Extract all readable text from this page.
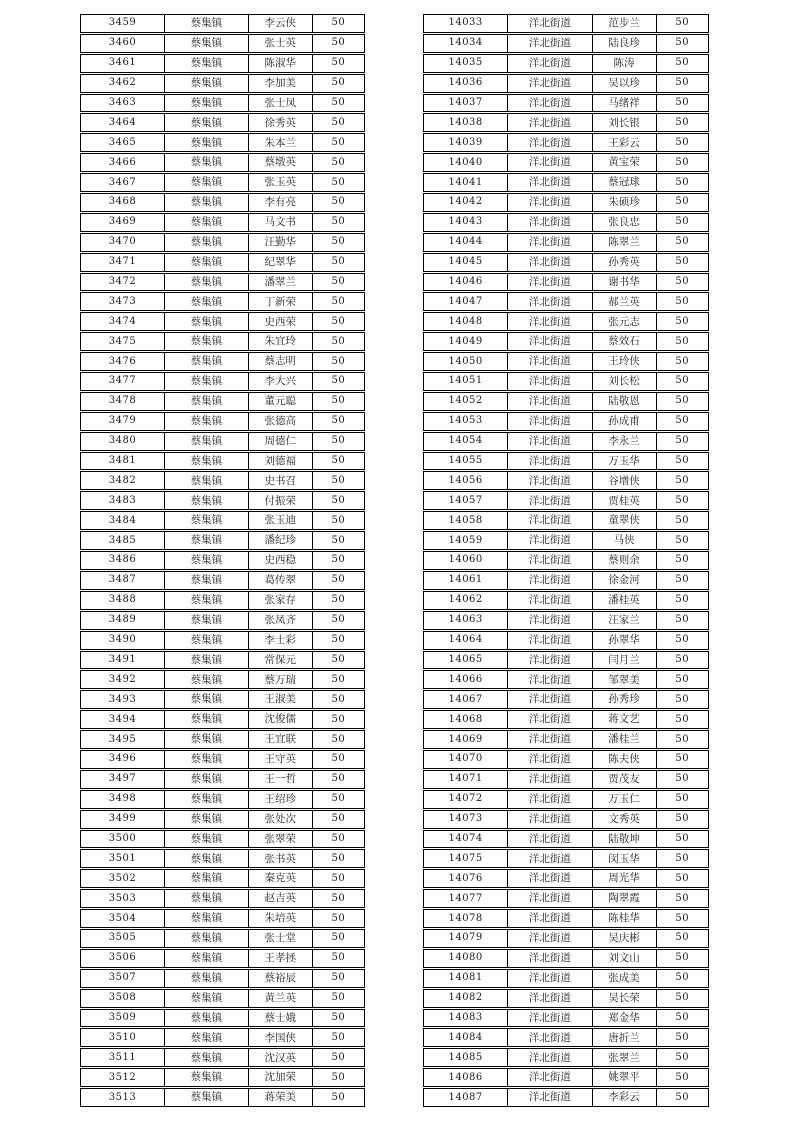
3459	蔡集镇	李云侠	50
3460	蔡集镇	张士英	50
3461	蔡集镇	陈淑华	50
3462	蔡集镇	李加美	50
3463	蔡集镇	张士凤	50
3464	蔡集镇	徐秀英	50
3465	蔡集镇	朱本兰	50
3466	蔡集镇	蔡墩英	50
3467	蔡集镇	张玉英	50
3468	蔡集镇	李有亮	50
3469	蔡集镇	马文书	50
3470	蔡集镇	汪勤华	50
3471	蔡集镇	纪翠华	50
3472	蔡集镇	潘翠兰	50
3473	蔡集镇	丁新荣	50
3474	蔡集镇	史西荣	50
3475	蔡集镇	朱宜玲	50
3476	蔡集镇	蔡志明	50
3477	蔡集镇	李大兴	50
3478	蔡集镇	董元聪	50
3479	蔡集镇	张德高	50
3480	蔡集镇	周德仁	50
3481	蔡集镇	刘德福	50
3482	蔡集镇	史书召	50
3483	蔡集镇	付振荣	50
3484	蔡集镇	张玉迪	50
3485	蔡集镇	潘纪珍	50
3486	蔡集镇	史西稳	50
3487	蔡集镇	葛传翠	50
3488	蔡集镇	张家存	50
3489	蔡集镇	张凤齐	50
3490	蔡集镇	李士彩	50
3491	蔡集镇	常保元	50
3492	蔡集镇	蔡万瑞	50
3493	蔡集镇	王淑美	50
3494	蔡集镇	沈俊儒	50
3495	蔡集镇	王宜联	50
3496	蔡集镇	王守英	50
3497	蔡集镇	王一哲	50
3498	蔡集镇	王绍珍	50
3499	蔡集镇	张处次	50
3500	蔡集镇	张翠荣	50
3501	蔡集镇	张书英	50
3502	蔡集镇	秦克英	50
3503	蔡集镇	赵吉英	50
3504	蔡集镇	朱培英	50
3505	蔡集镇	张士堂	50
3506	蔡集镇	王孝拯	50
3507	蔡集镇	蔡裕辰	50
3508	蔡集镇	黄兰英	50
3509	蔡集镇	蔡士娥	50
3510	蔡集镇	李国侠	50
3511	蔡集镇	沈汉英	50
3512	蔡集镇	沈加荣	50
3513	蔡集镇	蒋荣美	50
14033	洋北街道	范步兰	50
14034	洋北街道	陆良珍	50
14035	洋北街道	陈涛	50
14036	洋北街道	吴以珍	50
14037	洋北街道	马绪祥	50
14038	洋北街道	刘长银	50
14039	洋北街道	王彩云	50
14040	洋北街道	黄宝荣	50
14041	洋北街道	蔡冠球	50
14042	洋北街道	朱硕珍	50
14043	洋北街道	张良忠	50
14044	洋北街道	陈翠兰	50
14045	洋北街道	孙秀英	50
14046	洋北街道	谢书华	50
14047	洋北街道	郝兰英	50
14048	洋北街道	张元志	50
14049	洋北街道	蔡效石	50
14050	洋北街道	王玲侠	50
14051	洋北街道	刘长松	50
14052	洋北街道	陆敬恩	50
14053	洋北街道	孙成甫	50
14054	洋北街道	李永兰	50
14055	洋北街道	万玉华	50
14056	洋北街道	谷增侠	50
14057	洋北街道	贾桂英	50
14058	洋北街道	童翠侠	50
14059	洋北街道	马侠	50
14060	洋北街道	蔡则余	50
14061	洋北街道	徐金河	50
14062	洋北街道	潘桂英	50
14063	洋北街道	汪家兰	50
14064	洋北街道	孙翠华	50
14065	洋北街道	闫月兰	50
14066	洋北街道	邹翠美	50
14067	洋北街道	孙秀珍	50
14068	洋北街道	蒋文艺	50
14069	洋北街道	潘桂兰	50
14070	洋北街道	陈夫侠	50
14071	洋北街道	贾茂友	50
14072	洋北街道	万玉仁	50
14073	洋北街道	文秀英	50
14074	洋北街道	陆敬坤	50
14075	洋北街道	闵玉华	50
14076	洋北街道	周光华	50
14077	洋北街道	陶翠霞	50
14078	洋北街道	陈桂华	50
14079	洋北街道	吴庆彬	50
14080	洋北街道	刘文山	50
14081	洋北街道	张成美	50
14082	洋北街道	吴长荣	50
14083	洋北街道	郑金华	50
14084	洋北街道	唐折兰	50
14085	洋北街道	张翠兰	50
14086	洋北街道	姚翠平	50
14087	洋北街道	李彩云	50
